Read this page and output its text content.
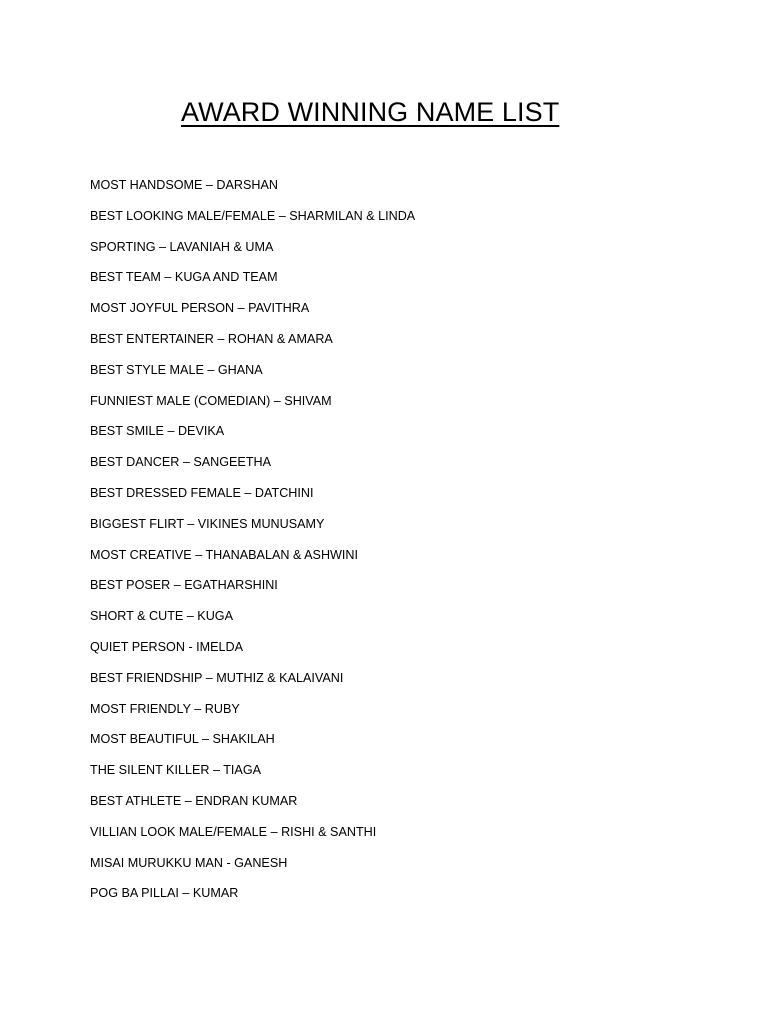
AWARD WINNING NAME LIST
MOST HANDSOME – DARSHAN
BEST LOOKING MALE/FEMALE – SHARMILAN & LINDA
SPORTING – LAVANIAH & UMA
BEST TEAM – KUGA AND TEAM
MOST JOYFUL PERSON – PAVITHRA
BEST ENTERTAINER – ROHAN & AMARA
BEST STYLE MALE – GHANA
FUNNIEST MALE (COMEDIAN) – SHIVAM
BEST SMILE – DEVIKA
BEST DANCER – SANGEETHA
BEST DRESSED FEMALE – DATCHINI
BIGGEST FLIRT – VIKINES MUNUSAMY
MOST CREATIVE – THANABALAN & ASHWINI
BEST POSER – EGATHARSHINI
SHORT & CUTE – KUGA
QUIET PERSON - IMELDA
BEST FRIENDSHIP – MUTHIZ & KALAIVANI
MOST FRIENDLY – RUBY
MOST BEAUTIFUL – SHAKILAH
THE SILENT KILLER – TIAGA
BEST ATHLETE – ENDRAN KUMAR
VILLIAN LOOK MALE/FEMALE – RISHI & SANTHI
MISAI MURUKKU MAN - GANESH
POG BA PILLAI – KUMAR
